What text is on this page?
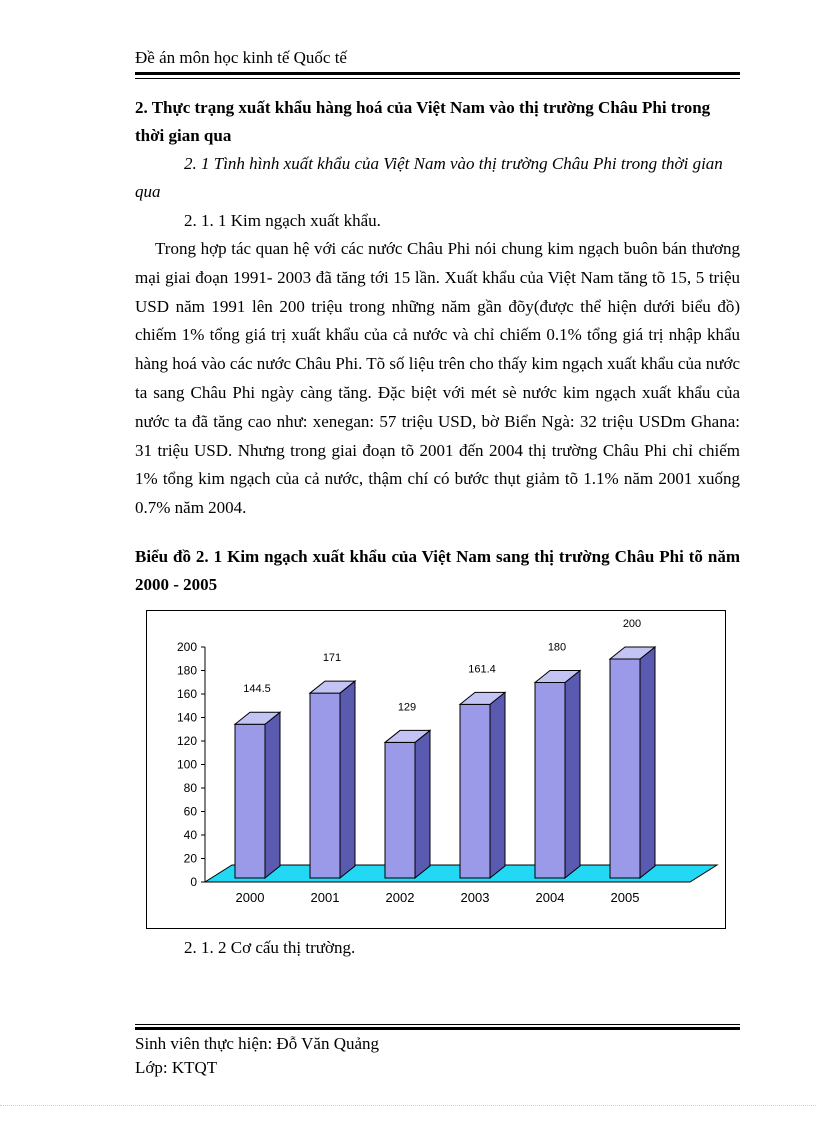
Đề án môn học kinh tế Quốc tế
2. Thực trạng xuất khẩu hàng hoá của Việt Nam vào thị trường Châu Phi trong thời gian qua
2. 1 Tình hình xuất khẩu của Việt Nam vào thị trường Châu Phi trong thời gian qua
2. 1. 1 Kim ngạch xuất khẩu.
Trong hợp tác quan hệ với các nước Châu Phi nói chung kim ngạch buôn bán thương mại giai đoạn 1991- 2003 đã tăng tới 15 lần. Xuất khẩu của Việt Nam tăng tõ 15, 5 triệu USD năm 1991 lên 200 triệu trong những năm gần đõy(được thể hiện dưới biểu đồ) chiếm 1% tổng giá trị xuất khẩu của cả nước và chỉ chiếm 0.1% tổng giá trị nhập khẩu hàng hoá vào các nước Châu Phi. Tõ số liệu trên cho thấy kim ngạch xuất khẩu của nước ta sang Châu Phi ngày càng tăng. Đặc biệt với mét sè nước kim ngạch xuất khẩu của nước ta đã tăng cao như: xenegan: 57 triệu USD, bờ Biển Ngà: 32 triệu USDm Ghana: 31 triệu USD. Nhưng trong giai đoạn tõ 2001 đến 2004 thị trường Châu Phi chỉ chiếm 1% tổng kim ngạch của cả nước, thậm chí có bước thụt giảm tõ 1.1% năm 2001 xuống 0.7% năm 2004.
Biểu đồ 2. 1 Kim ngạch xuất khẩu của Việt Nam sang thị trường Châu Phi tõ năm 2000 - 2005
0
20
40
60
80
100
120
140
160
180
200
144.5
2000
171
2001
129
2002
161.4
2003
180
2004
200
2005
2. 1. 2 Cơ cấu thị trường.
Sinh viên thực hiện: Đỗ Văn Quảng
Lớp: KTQT
